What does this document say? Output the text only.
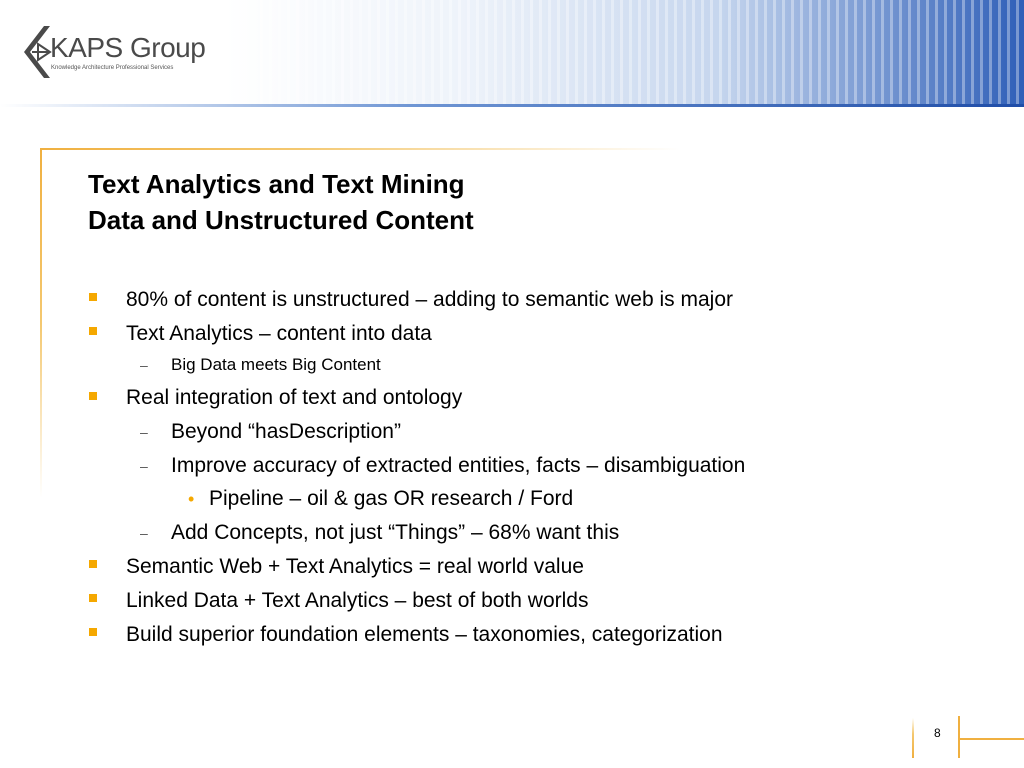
KAPS Group
Knowledge Architecture Professional Services
Text Analytics and Text Mining
Data and Unstructured Content
80% of content is unstructured – adding to semantic web is major
Text Analytics – content into data
– Big Data meets Big Content
Real integration of text and ontology
– Beyond “hasDescription”
– Improve accuracy of extracted entities, facts – disambiguation
• Pipeline – oil & gas OR research / Ford
– Add Concepts, not just “Things” – 68% want this
Semantic Web + Text Analytics = real world value
Linked Data + Text Analytics – best of both worlds
Build superior foundation elements – taxonomies, categorization
8
